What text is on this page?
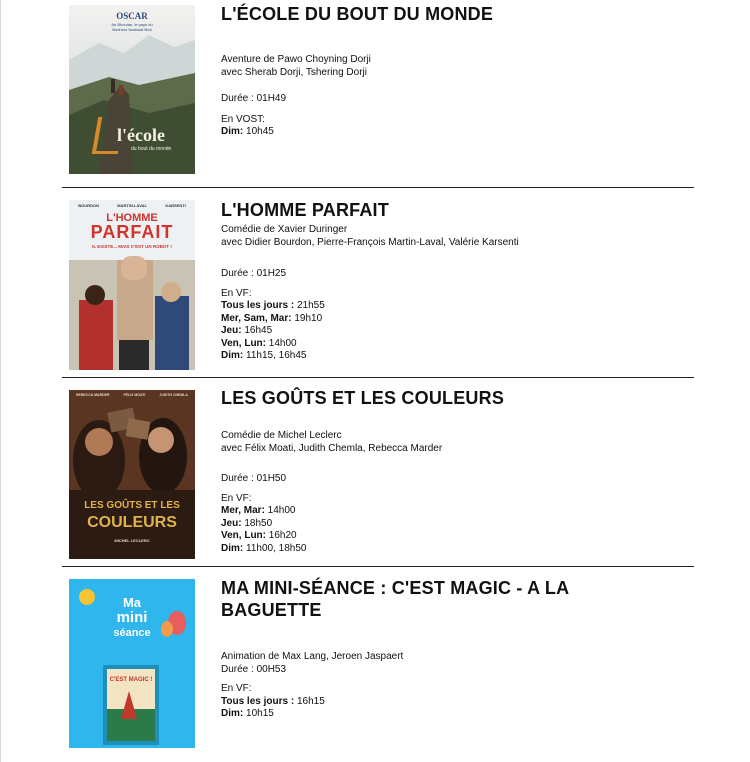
OSCAR
Au Bhoutan, le pays du Bonheur National Brut
l'école
du bout du monde
L'ÉCOLE DU BOUT DU MONDE

Aventure de Pawo Choyning Dorji

avec Sherab Dorji, Tshering Dorji

Durée : 01H49

En VOST:

Dim: 10h45

BOURDON	MARTIN-LAVAL	KARSENTI
L'HOMME
PARFAIT
IL EXISTE... MAIS C'EST UN ROBOT !
L'HOMME PARFAIT

Comédie de Xavier Duringer

avec Didier Bourdon, Pierre-François Martin-Laval, Valérie Karsenti

Durée : 01H25

En VF:

Tous les jours : 21h55

Mer, Sam, Mar: 19h10

Jeu: 16h45

Ven, Lun: 14h00

Dim: 11h15, 16h45

REBECCA MARDER	FÉLIX MOATI	JUDITH CHEMLA
LES GOÛTS ET LES
COULEURS
MICHEL LECLERC
LES GOÛTS ET LES COULEURS

Comédie de Michel Leclerc

avec Félix Moati, Judith Chemla, Rebecca Marder

Durée : 01H50

En VF:

Mer, Mar: 14h00

Jeu: 18h50

Ven, Lun: 16h20

Dim: 11h00, 18h50

Ma
mini
séance
C'EST MAGIC !
MA MINI-SÉANCE : C'EST MAGIC - A LA BAGUETTE

Animation de Max Lang, Jeroen Jaspaert

Durée : 00H53

En VF:

Tous les jours : 16h15

Dim: 10h15
